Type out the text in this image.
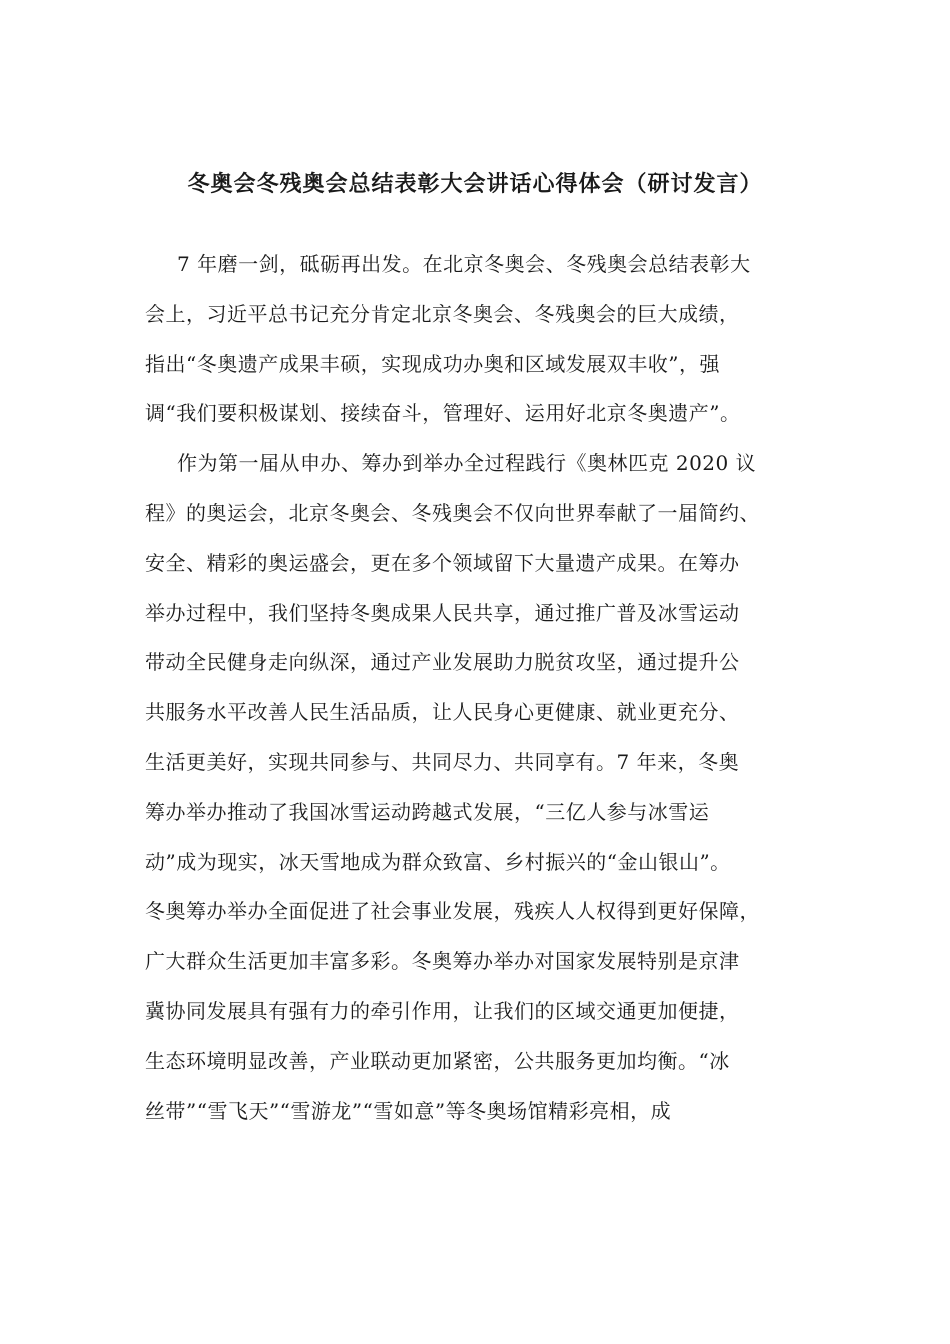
冬奥会冬残奥会总结表彰大会讲话心得体会（研讨发言）
7 年磨一剑，砥砺再出发。在北京冬奥会、冬残奥会总结表彰大
会上，习近平总书记充分肯定北京冬奥会、冬残奥会的巨大成绩，
指出“冬奥遗产成果丰硕，实现成功办奥和区域发展双丰收”，强
调“我们要积极谋划、接续奋斗，管理好、运用好北京冬奥遗产”。
作为第一届从申办、筹办到举办全过程践行《奥林匹克 2020 议
程》的奥运会，北京冬奥会、冬残奥会不仅向世界奉献了一届简约、
安全、精彩的奥运盛会，更在多个领域留下大量遗产成果。在筹办
举办过程中，我们坚持冬奥成果人民共享，通过推广普及冰雪运动
带动全民健身走向纵深，通过产业发展助力脱贫攻坚，通过提升公
共服务水平改善人民生活品质，让人民身心更健康、就业更充分、
生活更美好，实现共同参与、共同尽力、共同享有。7 年来，冬奥
筹办举办推动了我国冰雪运动跨越式发展，“三亿人参与冰雪运
动”成为现实，冰天雪地成为群众致富、乡村振兴的“金山银山”。
冬奥筹办举办全面促进了社会事业发展，残疾人人权得到更好保障，
广大群众生活更加丰富多彩。冬奥筹办举办对国家发展特别是京津
冀协同发展具有强有力的牵引作用，让我们的区域交通更加便捷，
生态环境明显改善，产业联动更加紧密，公共服务更加均衡。“冰
丝带”“雪飞天”“雪游龙”“雪如意”等冬奥场馆精彩亮相，成
